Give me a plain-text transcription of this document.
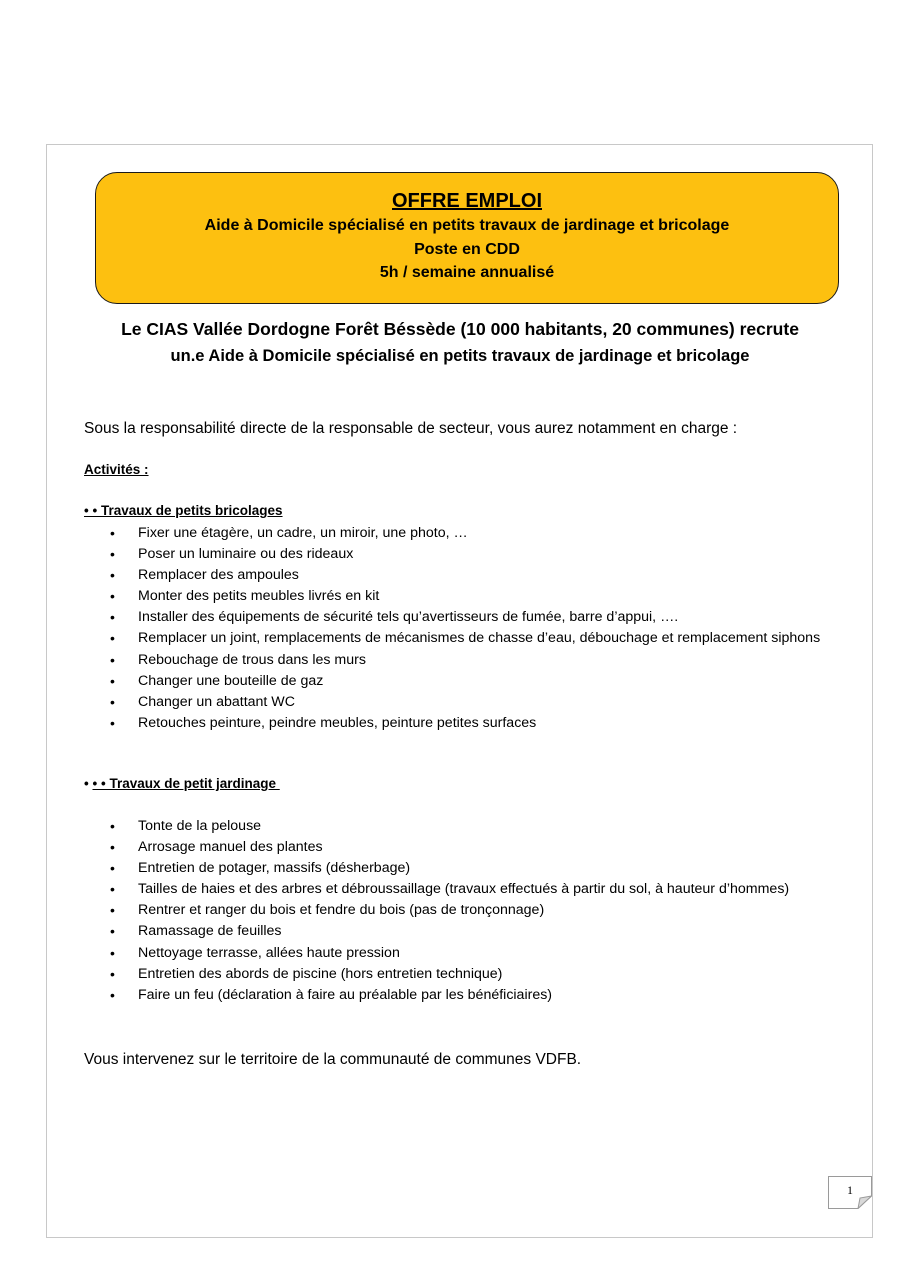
OFFRE EMPLOI
Aide à Domicile spécialisé en petits travaux de jardinage et bricolage
Poste en CDD
5h / semaine annualisé
Le CIAS Vallée Dordogne Forêt Béssède (10 000 habitants, 20 communes) recrute
un.e Aide à Domicile spécialisé en petits travaux de jardinage et bricolage
Sous la responsabilité directe de la responsable de secteur, vous aurez notamment en charge :
Activités :
• • Travaux de petits bricolages
• Fixer une étagère, un cadre, un miroir, une photo, …
• Poser un luminaire ou des rideaux
• Remplacer des ampoules
• Monter des petits meubles livrés en kit
• Installer des équipements de sécurité tels qu’avertisseurs de fumée, barre d’appui, ….
• Remplacer un joint, remplacements de mécanismes de chasse d’eau, débouchage et remplacement siphons
• Rebouchage de trous dans les murs
• Changer une bouteille de gaz
• Changer un abattant WC
• Retouches peinture, peindre meubles, peinture petites surfaces
• • • Travaux de petit jardinage
• Tonte de la pelouse
• Arrosage manuel des plantes
• Entretien de potager, massifs (désherbage)
• Tailles de haies et des arbres et débroussaillage (travaux effectués à partir du sol, à hauteur d’hommes)
• Rentrer et ranger du bois et fendre du bois (pas de tronçonnage)
• Ramassage de feuilles
• Nettoyage terrasse, allées haute pression
• Entretien des abords de piscine (hors entretien technique)
• Faire un feu (déclaration à faire au préalable par les bénéficiaires)
Vous intervenez sur le territoire de la communauté de communes VDFB.
1
